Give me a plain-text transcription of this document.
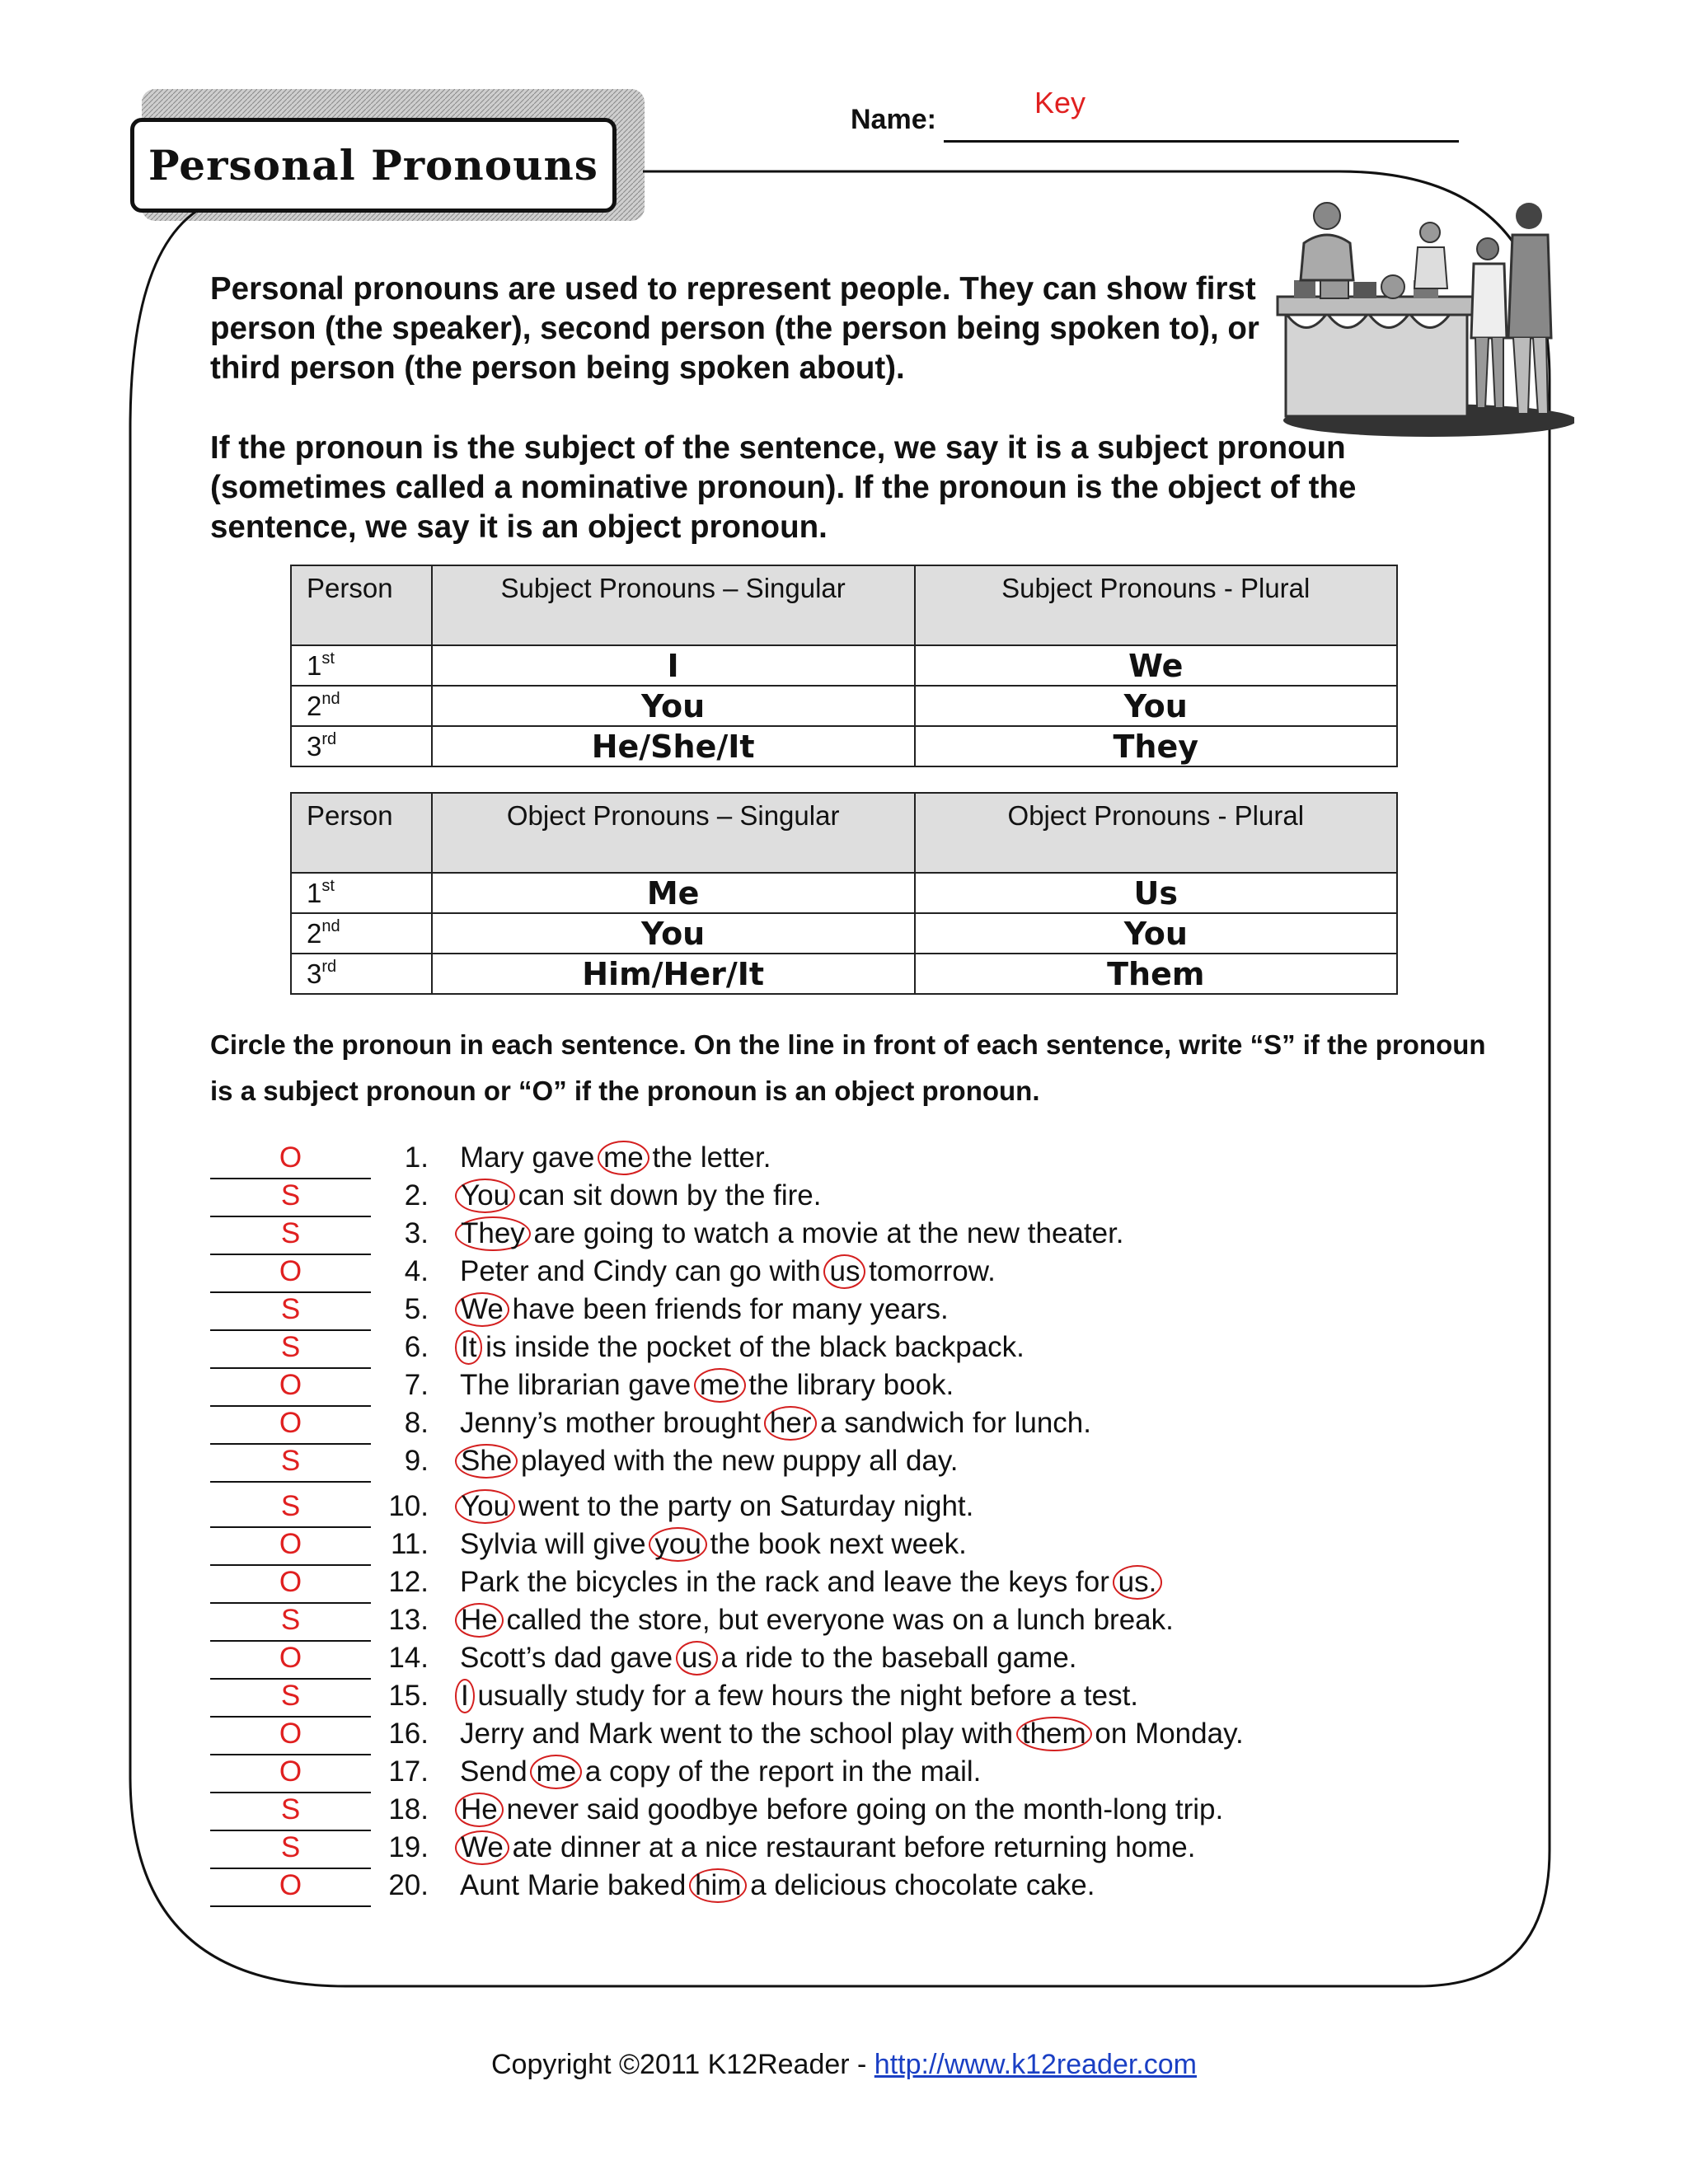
Name:	Key
Personal Pronouns

Personal pronouns are used to represent people. They can show first person (the speaker), second person (the person being spoken to), or third person (the person being spoken about).

If the pronoun is the subject of the sentence, we say it is a subject pronoun (sometimes called a nominative pronoun). If the pronoun is the object of the sentence, we say it is an object pronoun.

Person	Subject Pronouns – Singular	Subject Pronouns - Plural
1st	I	We
2nd	You	You
3rd	He/She/It	They
Person	Object Pronouns – Singular	Object Pronouns - Plural
1st	Me	Us
2nd	You	You
3rd	Him/Her/It	Them

Circle the pronoun in each sentence. On the line in front of each sentence, write “S” if the pronoun is a subject pronoun or “O” if the pronoun is an object pronoun.

O	1. Mary gave me the letter.
S	2. You can sit down by the fire.
S	3. They are going to watch a movie at the new theater.
O	4. Peter and Cindy can go with us tomorrow.
S	5. We have been friends for many years.
S	6. It is inside the pocket of the black backpack.
O	7. The librarian gave me the library book.
O	8. Jenny’s mother brought her a sandwich for lunch.
S	9. She played with the new puppy all day.
S	10. You went to the party on Saturday night.
O	11. Sylvia will give you the book next week.
O	12. Park the bicycles in the rack and leave the keys for us.
S	13. He called the store, but everyone was on a lunch break.
O	14. Scott’s dad gave us a ride to the baseball game.
S	15. I usually study for a few hours the night before a test.
O	16. Jerry and Mark went to the school play with them on Monday.
O	17. Send me a copy of the report in the mail.
S	18. He never said goodbye before going on the month-long trip.
S	19. We ate dinner at a nice restaurant before returning home.
O	20. Aunt Marie baked him a delicious chocolate cake.
Copyright ©2011 K12Reader - http://www.k12reader.com
